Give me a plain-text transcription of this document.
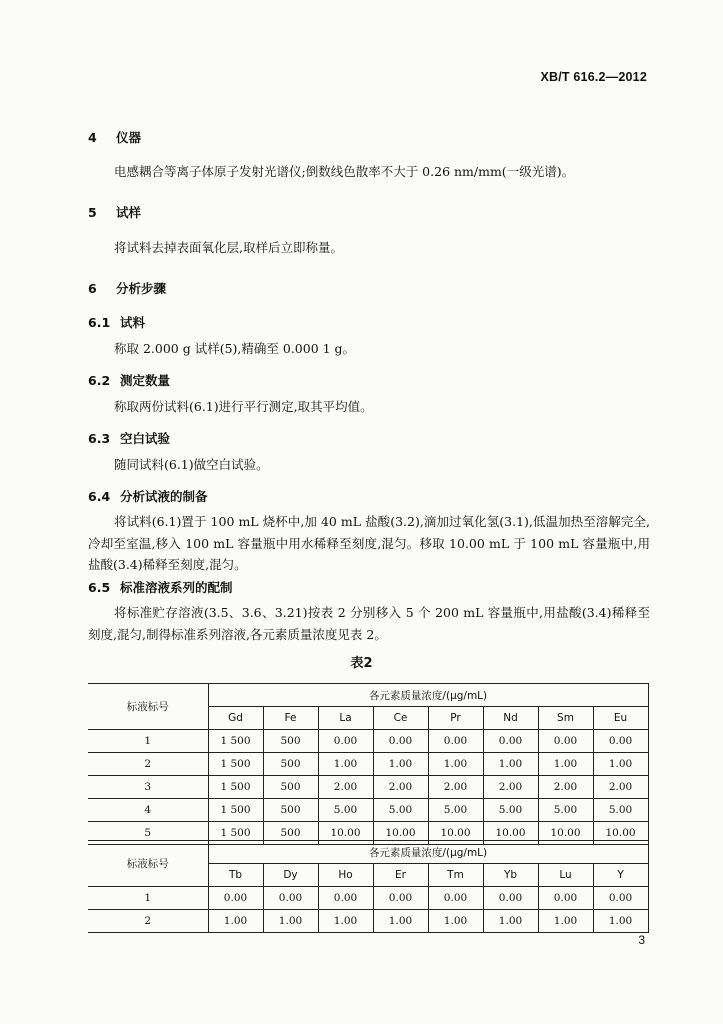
XB/T 616.2—2012
4 仪器
电感耦合等离子体原子发射光谱仪;倒数线色散率不大于 0.26 nm/mm(一级光谱)。
5 试样
将试料去掉表面氧化层,取样后立即称量。
6 分析步骤
6.1 试料
称取 2.000 g 试样(5),精确至 0.000 1 g。
6.2 测定数量
称取两份试料(6.1)进行平行测定,取其平均值。
6.3 空白试验
随同试料(6.1)做空白试验。
6.4 分析试液的制备
将试料(6.1)置于 100 mL 烧杯中,加 40 mL 盐酸(3.2),滴加过氧化氢(3.1),低温加热至溶解完全,冷却至室温,移入 100 mL 容量瓶中用水稀释至刻度,混匀。移取 10.00 mL 于 100 mL 容量瓶中,用盐酸(3.4)稀释至刻度,混匀。
6.5 标准溶液系列的配制
将标准贮存溶液(3.5、3.6、3.21)按表 2 分别移入 5 个 200 mL 容量瓶中,用盐酸(3.4)稀释至刻度,混匀,制得标准系列溶液,各元素质量浓度见表 2。
表2
标液标号	各元素质量浓度/(μg/mL)							
	Gd	Fe	La	Ce	Pr	Nd	Sm	Eu
1	1 500	500	0.00	0.00	0.00	0.00	0.00	0.00
2	1 500	500	1.00	1.00	1.00	1.00	1.00	1.00
3	1 500	500	2.00	2.00	2.00	2.00	2.00	2.00
4	1 500	500	5.00	5.00	5.00	5.00	5.00	5.00
5	1 500	500	10.00	10.00	10.00	10.00	10.00	10.00
标液标号	各元素质量浓度/(μg/mL)							
	Tb	Dy	Ho	Er	Tm	Yb	Lu	Y
1	0.00	0.00	0.00	0.00	0.00	0.00	0.00	0.00
2	1.00	1.00	1.00	1.00	1.00	1.00	1.00	1.00
3
